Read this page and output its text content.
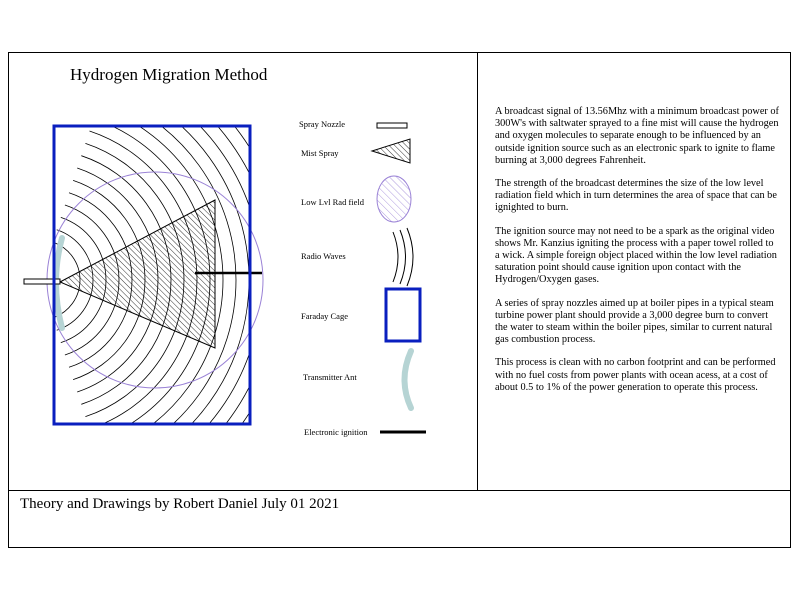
Hydrogen Migration Method
Spray Nozzle
Mist Spray
Low Lvl Rad field
Radio Waves
Faraday Cage
Transmitter Ant
Electronic ignition

A broadcast signal of 13.56Mhz with a minimum broadcast power of 300W's with saltwater sprayed to a fine mist will cause the hydrogen and oxygen molecules to separate enough to be influenced by an outside ignition source such as an electronic spark to ignite to flame burning at 3,000 degrees Fahrenheit.

The strength of the broadcast determines the size of the low level radiation field which in turn determines the area of space that can be ignighted to burn.

The ignition source may not need to be a spark as the original video shows Mr. Kanzius igniting the process with a paper towel rolled to a wick. A simple foreign object placed within the low level radiation saturation point should cause ignition upon contact with the Hydrogen/Oxygen gases.

A series of spray nozzles aimed up at boiler pipes in a typical steam turbine power plant should provide a 3,000 degree burn to convert the water to steam within the boiler pipes, similar to current natural gas combustion process.

This process is clean with no carbon footprint and can be performed with no fuel costs from power plants with ocean acess, at a cost of about 0.5 to 1% of the power generation to operate this process.

Theory and Drawings by Robert Daniel July 01 2021
